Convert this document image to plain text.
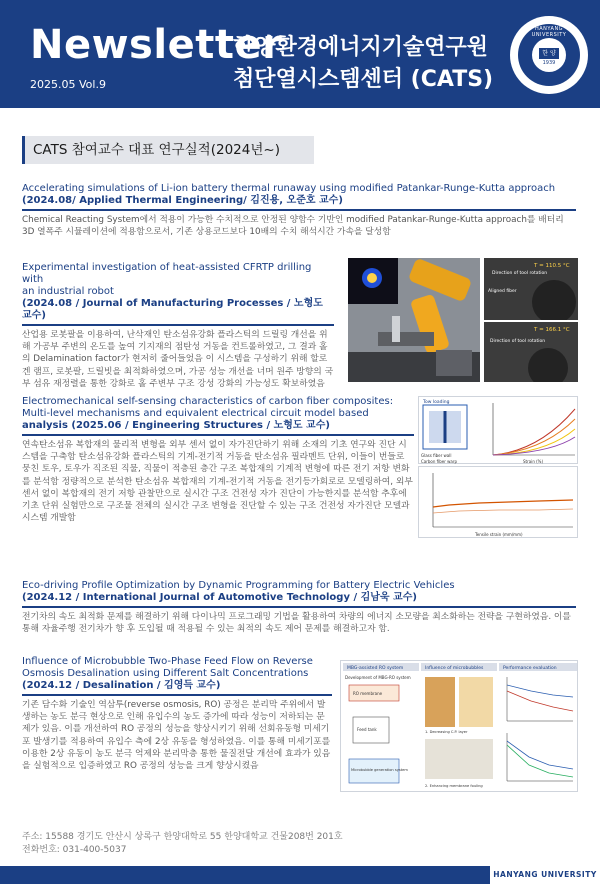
Newsletter
2025.05 Vol.9
한양환경에너지기술연구원
첨단열시스템센터 (CATS)
HANYANG UNIVERSITY
한 양
1939
CATS 참여교수 대표 연구실적(2024년~)
Accelerating simulations of Li-ion battery thermal runaway using modified Patankar-Runge-Kutta approach
(2024.08/ Applied Thermal Engineering/ 김진용, 오준호 교수)
Chemical Reacting System에서 적용이 가능한 수치적으로 안정된 양함수 기반인 modified Patankar-Runge-Kutta approach를 배터리 3D 열폭주 시뮬레이션에 적용함으로서, 기존 상용코드보다 10배의 수치 해석시간 가속을 달성함
Experimental investigation of heat-assisted CFRTP drilling with
an industrial robot
(2024.08 / Journal of Manufacturing Processes / 노형도 교수)
산업용 로봇팔을 이용하여, 난삭재인 탄소섬유강화 플라스틱의 드릴링 개선을 위해 가공부 주변의 온도를 높여 기지재의 점탄성 거동을 컨트롤하였고, 그 결과 홀의 Delamination factor가 현저히 줄어들었음 이 시스템을 구성하기 위해 할로겐 램프, 로봇팔, 드릴빗을 최적화하였으며, 가공 성능 개선을 너머 원주 방향의 국부 섬유 재정렬을 통한 강화로 홀 주변부 구조 강성 강화의 가능성도 확보하였음
T = 110.5 °C
Direction of tool rotation
Aligned fiber
T = 166.1 °C
Direction of tool rotation
Electromechanical self-sensing characteristics of carbon fiber composites:
Multi-level mechanisms and equivalent electrical circuit model based
analysis (2025.06 / Engineering Structures / 노형도 교수)
연속탄소섬유 복합재의 물리적 변형을 외부 센서 없이 자가진단하기 위해 소재의 기초 연구와 진단 시스템을 구축함 탄소섬유강화 플라스틱의 기계-전기적 거동을 탄소섬유 필라멘트 단위, 이들이 번들로 뭉친 토우, 토우가 직조된 직물, 직물이 적층된 층간 구조 복합재의 기계적 변형에 따른 전기 저항 변화를 분석함 정량적으로 분석한 탄소섬유 복합재의 기계-전기적 거동을 전기등가회로로 모델링하여, 외부 센서 없이 복합재의 전기 저항 관찰만으로 실시간 구조 건전성 자가 진단이 가능한지를 분석함 추후에 기초 단위 실험만으로 구조물 전체의 실시간 구조 변형을 진단할 수 있는 구조 건전성 자가진단 모델과 시스템 개발함
Tow loading
Glass fiber wall
Carbon fiber warp	Strain (%)
Tensile strain (mm/mm)
Eco-driving Profile Optimization by Dynamic Programming for Battery Electric Vehicles
(2024.12 / International Journal of Automotive Technology / 김남욱 교수)
전기차의 속도 최적화 문제를 해결하기 위해 다이나믹 프로그래밍 기법을 활용하여 차량의 에너지 소모량을 최소화하는 전략을 구현하였음. 이를 통해 자율주행 전기차가 향 후 도입될 때 적용될 수 있는 최적의 속도 제어 문제를 해결하고자 함.
Influence of Microbubble Two-Phase Feed Flow on Reverse
Osmosis Desalination using Different Salt Concentrations
(2024.12 / Desalination / 김영득 교수)
기존 담수화 기술인 역삼투(reverse osmosis, RO) 공정은 분리막 주위에서 발생하는 농도 분극 현상으로 인해 유입수의 농도 증가에 따라 성능이 저하되는 문제가 있음. 이를 개선하여 RO 공정의 성능을 향상시키기 위해 선회유동형 미세기포 발생기를 적용하여 유입수 측에 2상 유동을 형성하였음. 이를 통해 미세기포를 이용한 2상 유동이 농도 분극 억제와 분리막층 통한 물질전달 개선에 효과가 있음을 실험적으로 입증하였고 RO 공정의 성능을 크게 향상시켰음
MBG-assisted RO system	Influence of microbubbles	Performance evaluation
Development of MBG-RO system
RO membrane
Feed tank
Microbubble generation system
1. Decreasing C.P. layer
2. Enhancing membrane fouling
주소: 15588 경기도 안산시 상록구 한양대학로 55 한양대학교 건물208번 201호
전화번호: 031-400-5037
HANYANG UNIVERSITY
